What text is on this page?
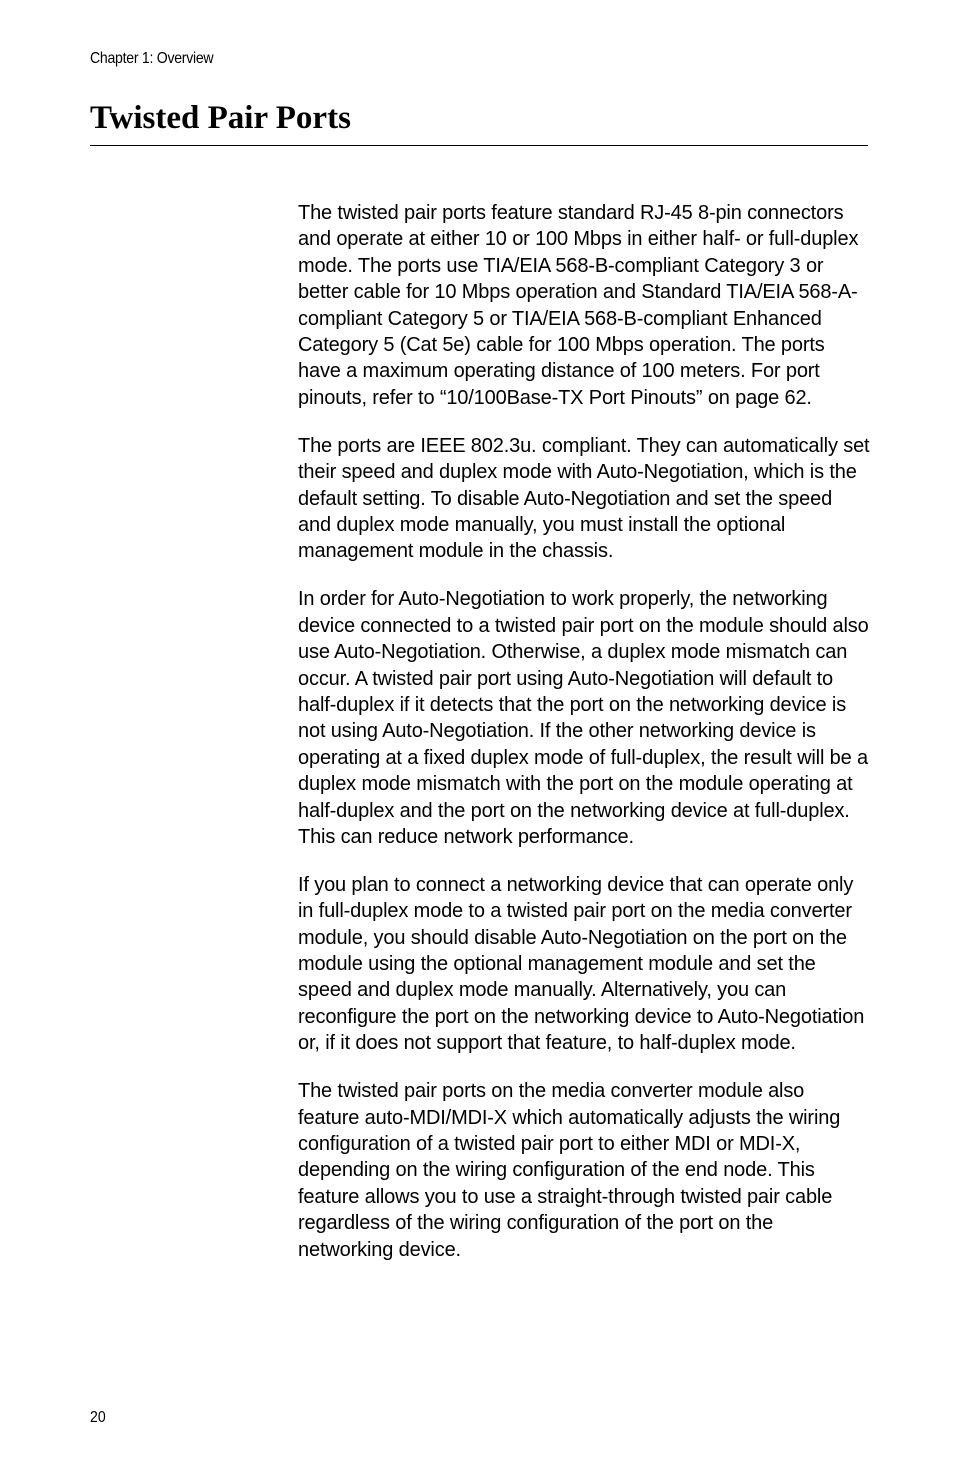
Chapter 1: Overview
Twisted Pair Ports

The twisted pair ports feature standard RJ-45 8-pin connectors and operate at either 10 or 100 Mbps in either half- or full-duplex mode. The ports use TIA/EIA 568-B-compliant Category 3 or better cable for 10 Mbps operation and Standard TIA/EIA 568-A-compliant Category 5 or TIA/EIA 568-B-compliant Enhanced Category 5 (Cat 5e) cable for 100 Mbps operation. The ports have a maximum operating distance of 100 meters. For port pinouts, refer to “10/100Base-TX Port Pinouts” on page 62.

The ports are IEEE 802.3u. compliant. They can automatically set their speed and duplex mode with Auto-Negotiation, which is the default setting. To disable Auto-Negotiation and set the speed and duplex mode manually, you must install the optional management module in the chassis.

In order for Auto-Negotiation to work properly, the networking device connected to a twisted pair port on the module should also use Auto-Negotiation. Otherwise, a duplex mode mismatch can occur. A twisted pair port using Auto-Negotiation will default to half-duplex if it detects that the port on the networking device is not using Auto-Negotiation. If the other networking device is operating at a fixed duplex mode of full-duplex, the result will be a duplex mode mismatch with the port on the module operating at half-duplex and the port on the networking device at full-duplex. This can reduce network performance.

If you plan to connect a networking device that can operate only in full-duplex mode to a twisted pair port on the media converter module, you should disable Auto-Negotiation on the port on the module using the optional management module and set the speed and duplex mode manually. Alternatively, you can reconfigure the port on the networking device to Auto-Negotiation or, if it does not support that feature, to half-duplex mode.

The twisted pair ports on the media converter module also feature auto-MDI/MDI-X which automatically adjusts the wiring configuration of a twisted pair port to either MDI or MDI-X, depending on the wiring configuration of the end node. This feature allows you to use a straight-through twisted pair cable regardless of the wiring configuration of the port on the networking device.

20
